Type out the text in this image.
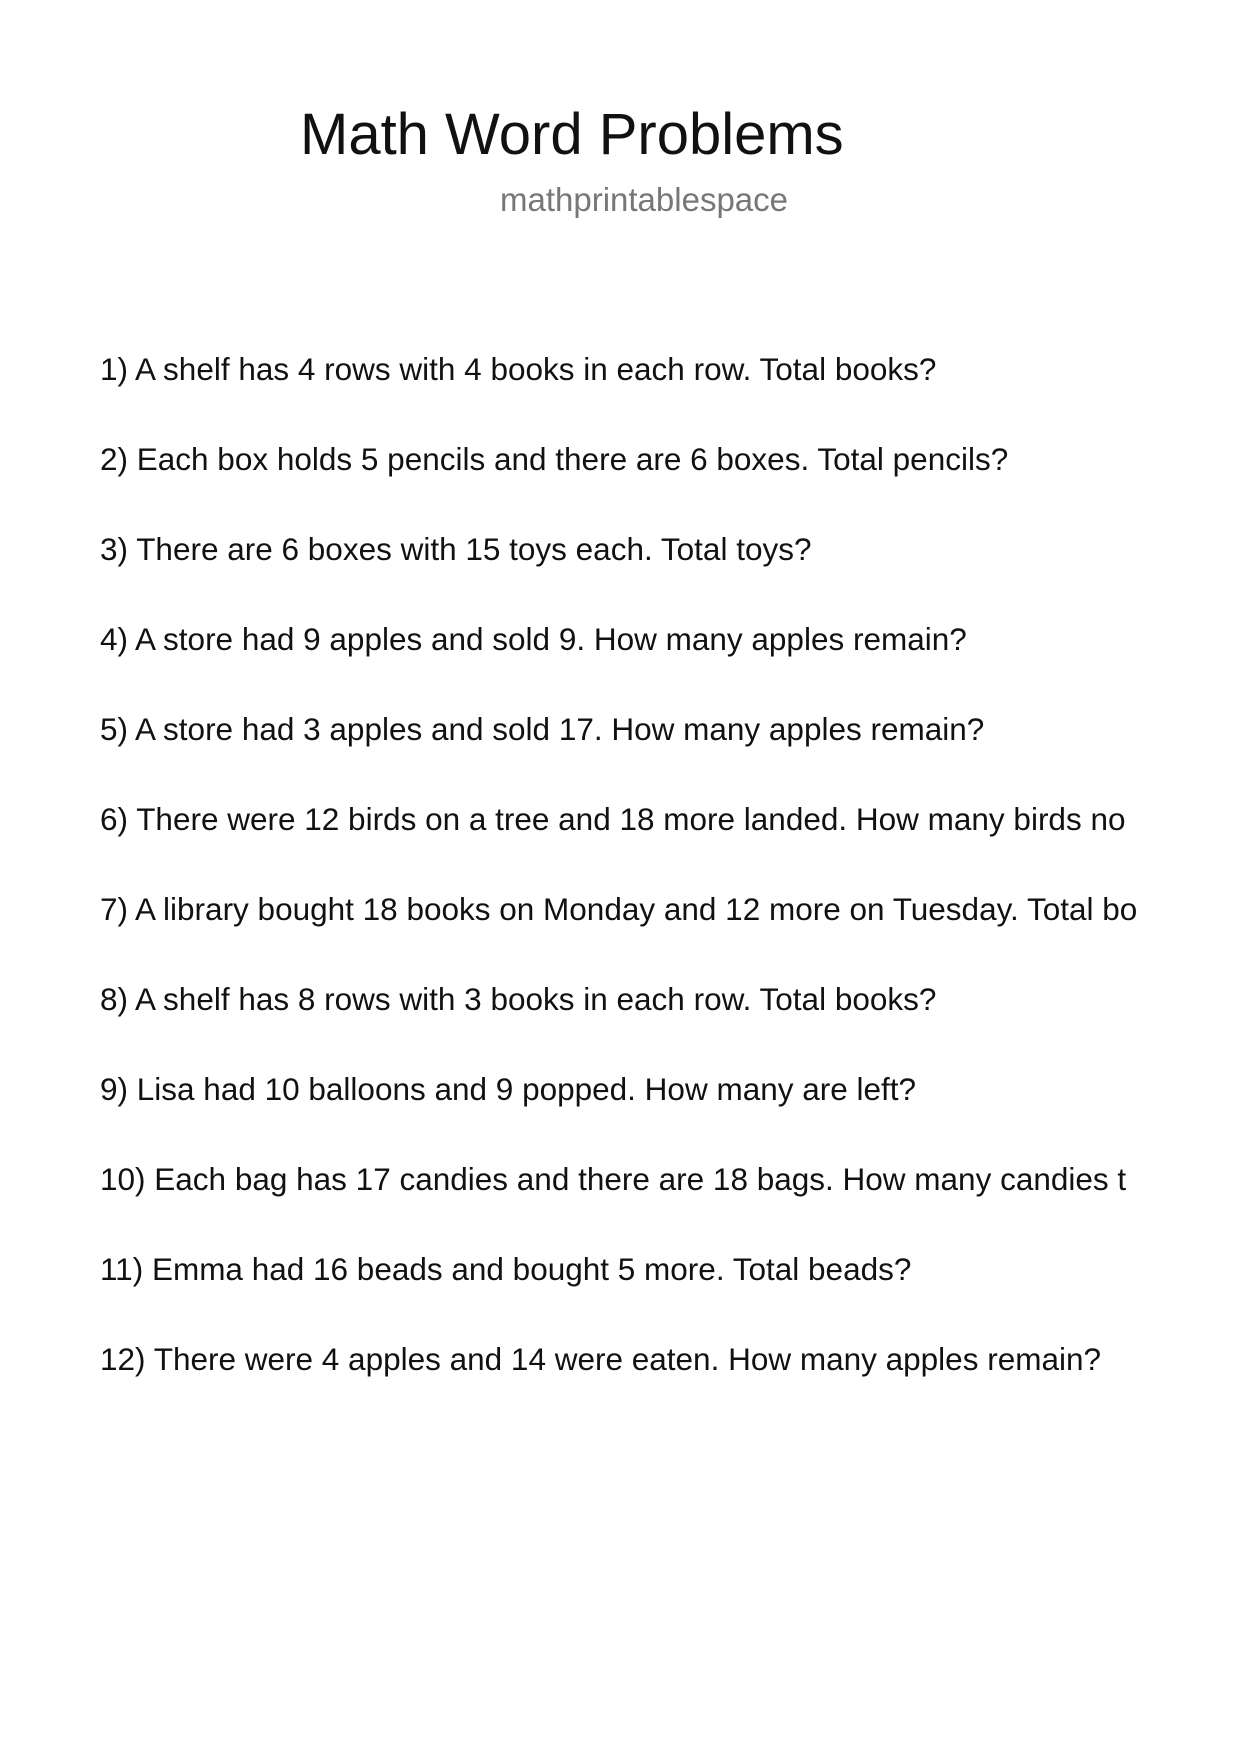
Math Word Problems
mathprintablespace
1) A shelf has 4 rows with 4 books in each row. Total books?
2) Each box holds 5 pencils and there are 6 boxes. Total pencils?
3) There are 6 boxes with 15 toys each. Total toys?
4) A store had 9 apples and sold 9. How many apples remain?
5) A store had 3 apples and sold 17. How many apples remain?
6) There were 12 birds on a tree and 18 more landed. How many birds no
7) A library bought 18 books on Monday and 12 more on Tuesday. Total bo
8) A shelf has 8 rows with 3 books in each row. Total books?
9) Lisa had 10 balloons and 9 popped. How many are left?
10) Each bag has 17 candies and there are 18 bags. How many candies t
11) Emma had 16 beads and bought 5 more. Total beads?
12) There were 4 apples and 14 were eaten. How many apples remain?
